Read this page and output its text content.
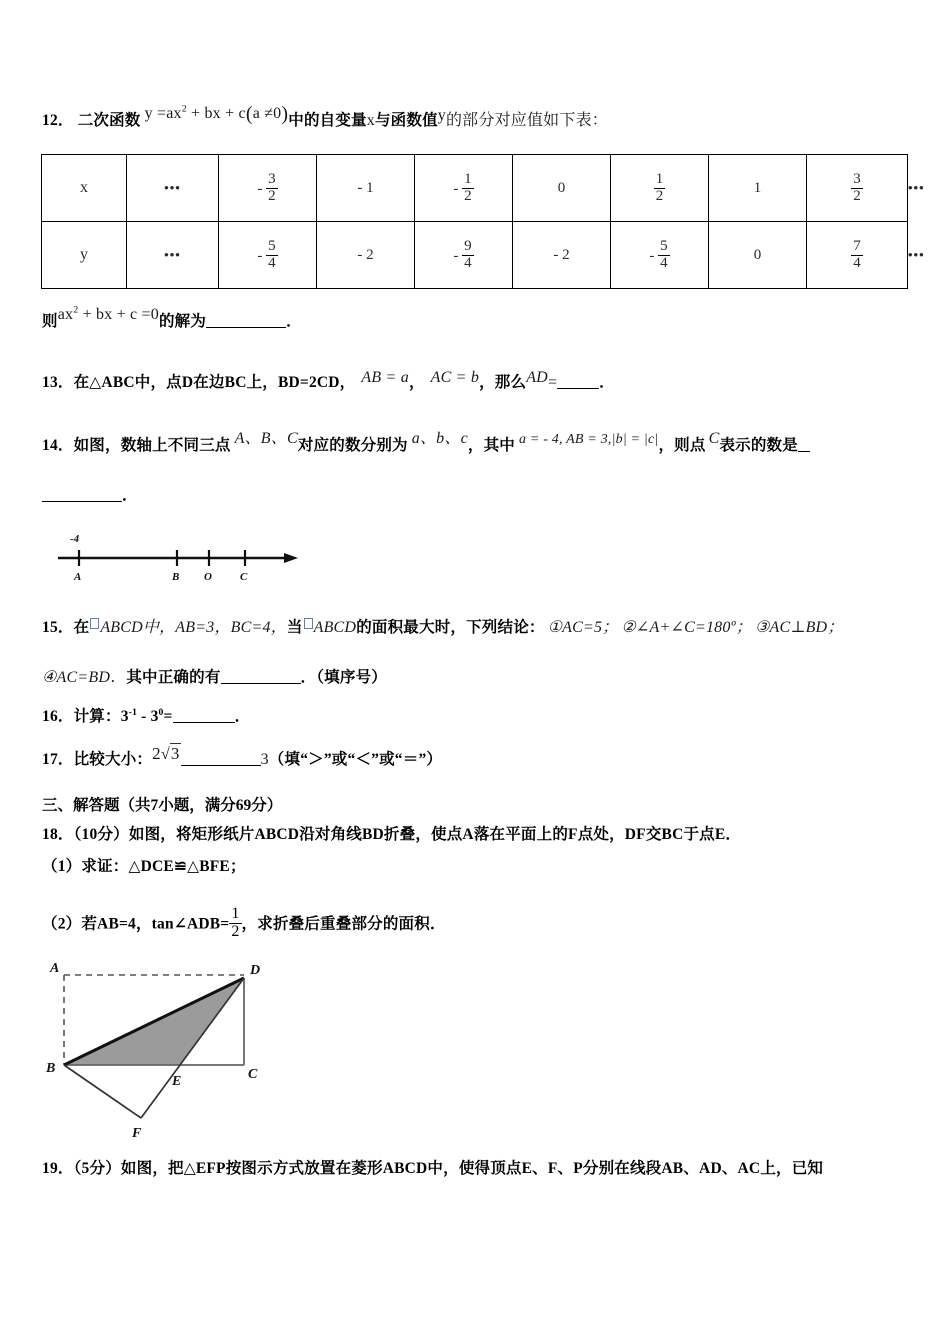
12． 二次函数 $y =ax^2$ + bx + c(a ≠0)中的自变量x与函数值y的部分对应值如下表：
x	•••	- $\frac{3}{2}$	- 1	- $\frac{1}{2}$	0	$\frac{1}{2}$	1	$\frac{3}{2}$	•••
y	•••	- $\frac{5}{4}$	- 2	- $\frac{9}{4}$	- 2	- $\frac{5}{4}$	0	$\frac{7}{4}$	•••
则$ax^2$ + bx + c =0的解为	．
13．在△ABC中，点D在边BC上，BD=2CD， AB = a， AC = b，那么AD=	．
14．如图，数轴上不同三点 A、B、C对应的数分别为 a、b、c，其中 a = - 4, AB = 3,|b| = |c|，则点 C表示的数是
．
-4
A	B O	C
15．在 ABCD中，AB=3，BC=4，当 ABCD的面积最大时，下列结论： ①AC=5； ②∠A+∠C=180º； ③AC⊥BD；
④AC=BD．其中正确的有	．（填序号）
16．计算：$3^{-1} - 3^0=$	．
17．比较大小：2√3	3（填“＞”或“＜”或“＝”）
三、解答题（共7小题，满分69分）
18．（10分）如图，将矩形纸片ABCD沿对角线BD折叠，使点A落在平面上的F点处，DF交BC于点E．
（1）求证：△DCE≌△BFE；
（2）若AB=4，tan∠ADB= $\frac{1}{2}$ ，求折叠后重叠部分的面积．
A	D
B
E	C
F
19．（5分）如图，把△EFP按图示方式放置在菱形ABCD中，使得顶点E、F、P分别在线段AB、AD、AC上，已知
